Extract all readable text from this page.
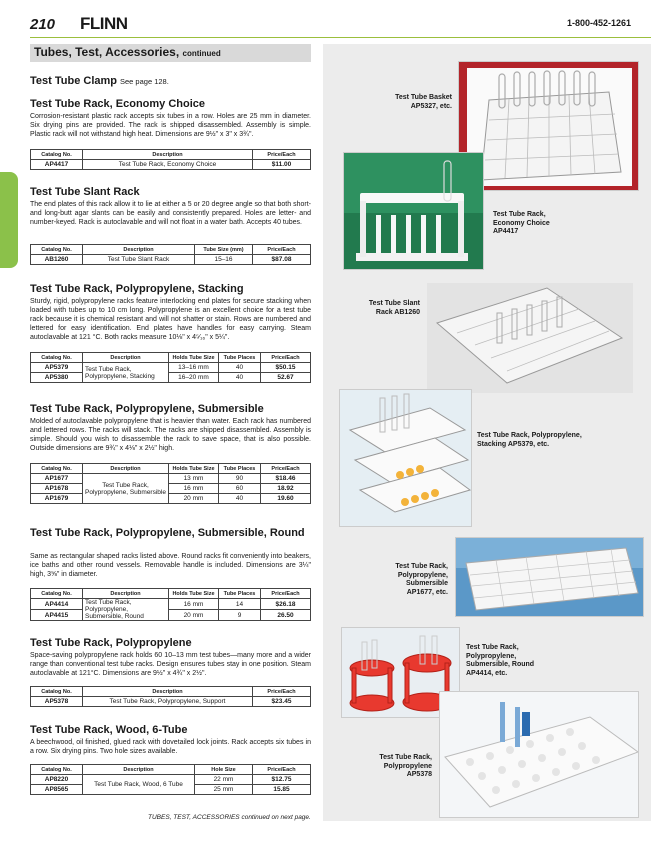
210 FLINN	1-800-452-1261
Tubes, Test, Accessories, continued
Test Tube Clamp See page 128.
Test Tube Rack, Economy Choice
Corrosion-resistant plastic rack accepts six tubes in a row. Holes are 25 mm in diameter. Six drying pins are provided. The rack is shipped disassembled. Assembly is simple. Plastic rack will not withstand high heat. Dimensions are 9½" x 3" x 3¾".
Catalog No.	Description	Price/Each
AP4417	Test Tube Rack, Economy Choice	$11.00
Test Tube Slant Rack
The end plates of this rack allow it to lie at either a 5 or 20 degree angle so that both short- and long-butt agar slants can be easily and consistently prepared. Holes are letter- and number-keyed. Rack is autoclavable and will not float in a water bath. Accepts 40 tubes.
Catalog No.	Description	Tube Size (mm)	Price/Each
AB1260	Test Tube Slant Rack	15–16	$87.08
Test Tube Rack, Polypropylene, Stacking
Sturdy, rigid, polypropylene racks feature interlocking end plates for secure stacking when loaded with tubes up to 10 cm long. Polypropylene is an excellent choice for a test tube rack because it is chemical resistant and will not shatter or stain. Rows are numbered and lettered for easy identification. End plates have handles for easy carrying. Steam autoclavable at 121 °C. Both racks measure 10⅛" x 4⁵⁄₁₆" x 5¼".
Catalog No.	Description	Holds Tube Size	Tube Places	Price/Each
AP5379	Test Tube Rack, Polypropylene, Stacking	13–16 mm	40	$50.15
AP5380		16–20 mm	40	52.67
Test Tube Rack, Polypropylene, Submersible
Molded of autoclavable polypropylene that is heavier than water. Each rack has numbered and lettered rows. The racks will stack. The racks are shipped disassembled. Assembly is simple. Should you wish to disassemble the rack to save space, that is also possible. Outside dimensions are 9¾" x 4⅛" x 2½" high.
Catalog No.	Description	Holds Tube Size	Tube Places	Price/Each
AP1677	Test Tube Rack, Polypropylene, Submersible	13 mm	90	$18.46
AP1678		16 mm	60	18.92
AP1679		20 mm	40	19.60
Test Tube Rack, Polypropylene, Submersible, Round
Same as rectangular shaped racks listed above. Round racks fit conveniently into beakers, ice baths and other round vessels. Removable handle is included. Dimensions are 3¼" high, 3⅝" in diameter.
Catalog No.	Description	Holds Tube Size	Tube Places	Price/Each
AP4414	Test Tube Rack, Polypropylene, Submersible, Round	16 mm	14	$26.18
AP4415		20 mm	9	26.50
Test Tube Rack, Polypropylene
Space-saving polypropylene rack holds 60 10–13 mm test tubes—many more and a wider range than conventional test tube racks. Design ensures tubes stay in one position. Steam autoclavable at 121°C. Dimensions are 9½" x 4¾" x 2½".
Catalog No.	Description	Price/Each
AP5378	Test Tube Rack, Polypropylene, Support	$23.45
Test Tube Rack, Wood, 6-Tube
A beechwood, oil finished, glued rack with dovetailed lock joints. Rack accepts six tubes in a row. Six drying pins. Two hole sizes available.
Catalog No.	Description	Hole Size	Price/Each
AP8220	Test Tube Rack, Wood, 6 Tube	22 mm	$12.75
AP8565		25 mm	15.85
TUBES, TEST, ACCESSORIES continued on next page.
Test Tube Basket AP5327, etc.
Test Tube Rack, Economy Choice AP4417
Test Tube Slant Rack AB1260
Test Tube Rack, Polypropylene, Stacking AP5379, etc.
Test Tube Rack, Polypropylene, Submersible AP1677, etc.
Test Tube Rack, Polypropylene, Submersible, Round AP4414, etc.
Test Tube Rack, Polypropylene AP5378
